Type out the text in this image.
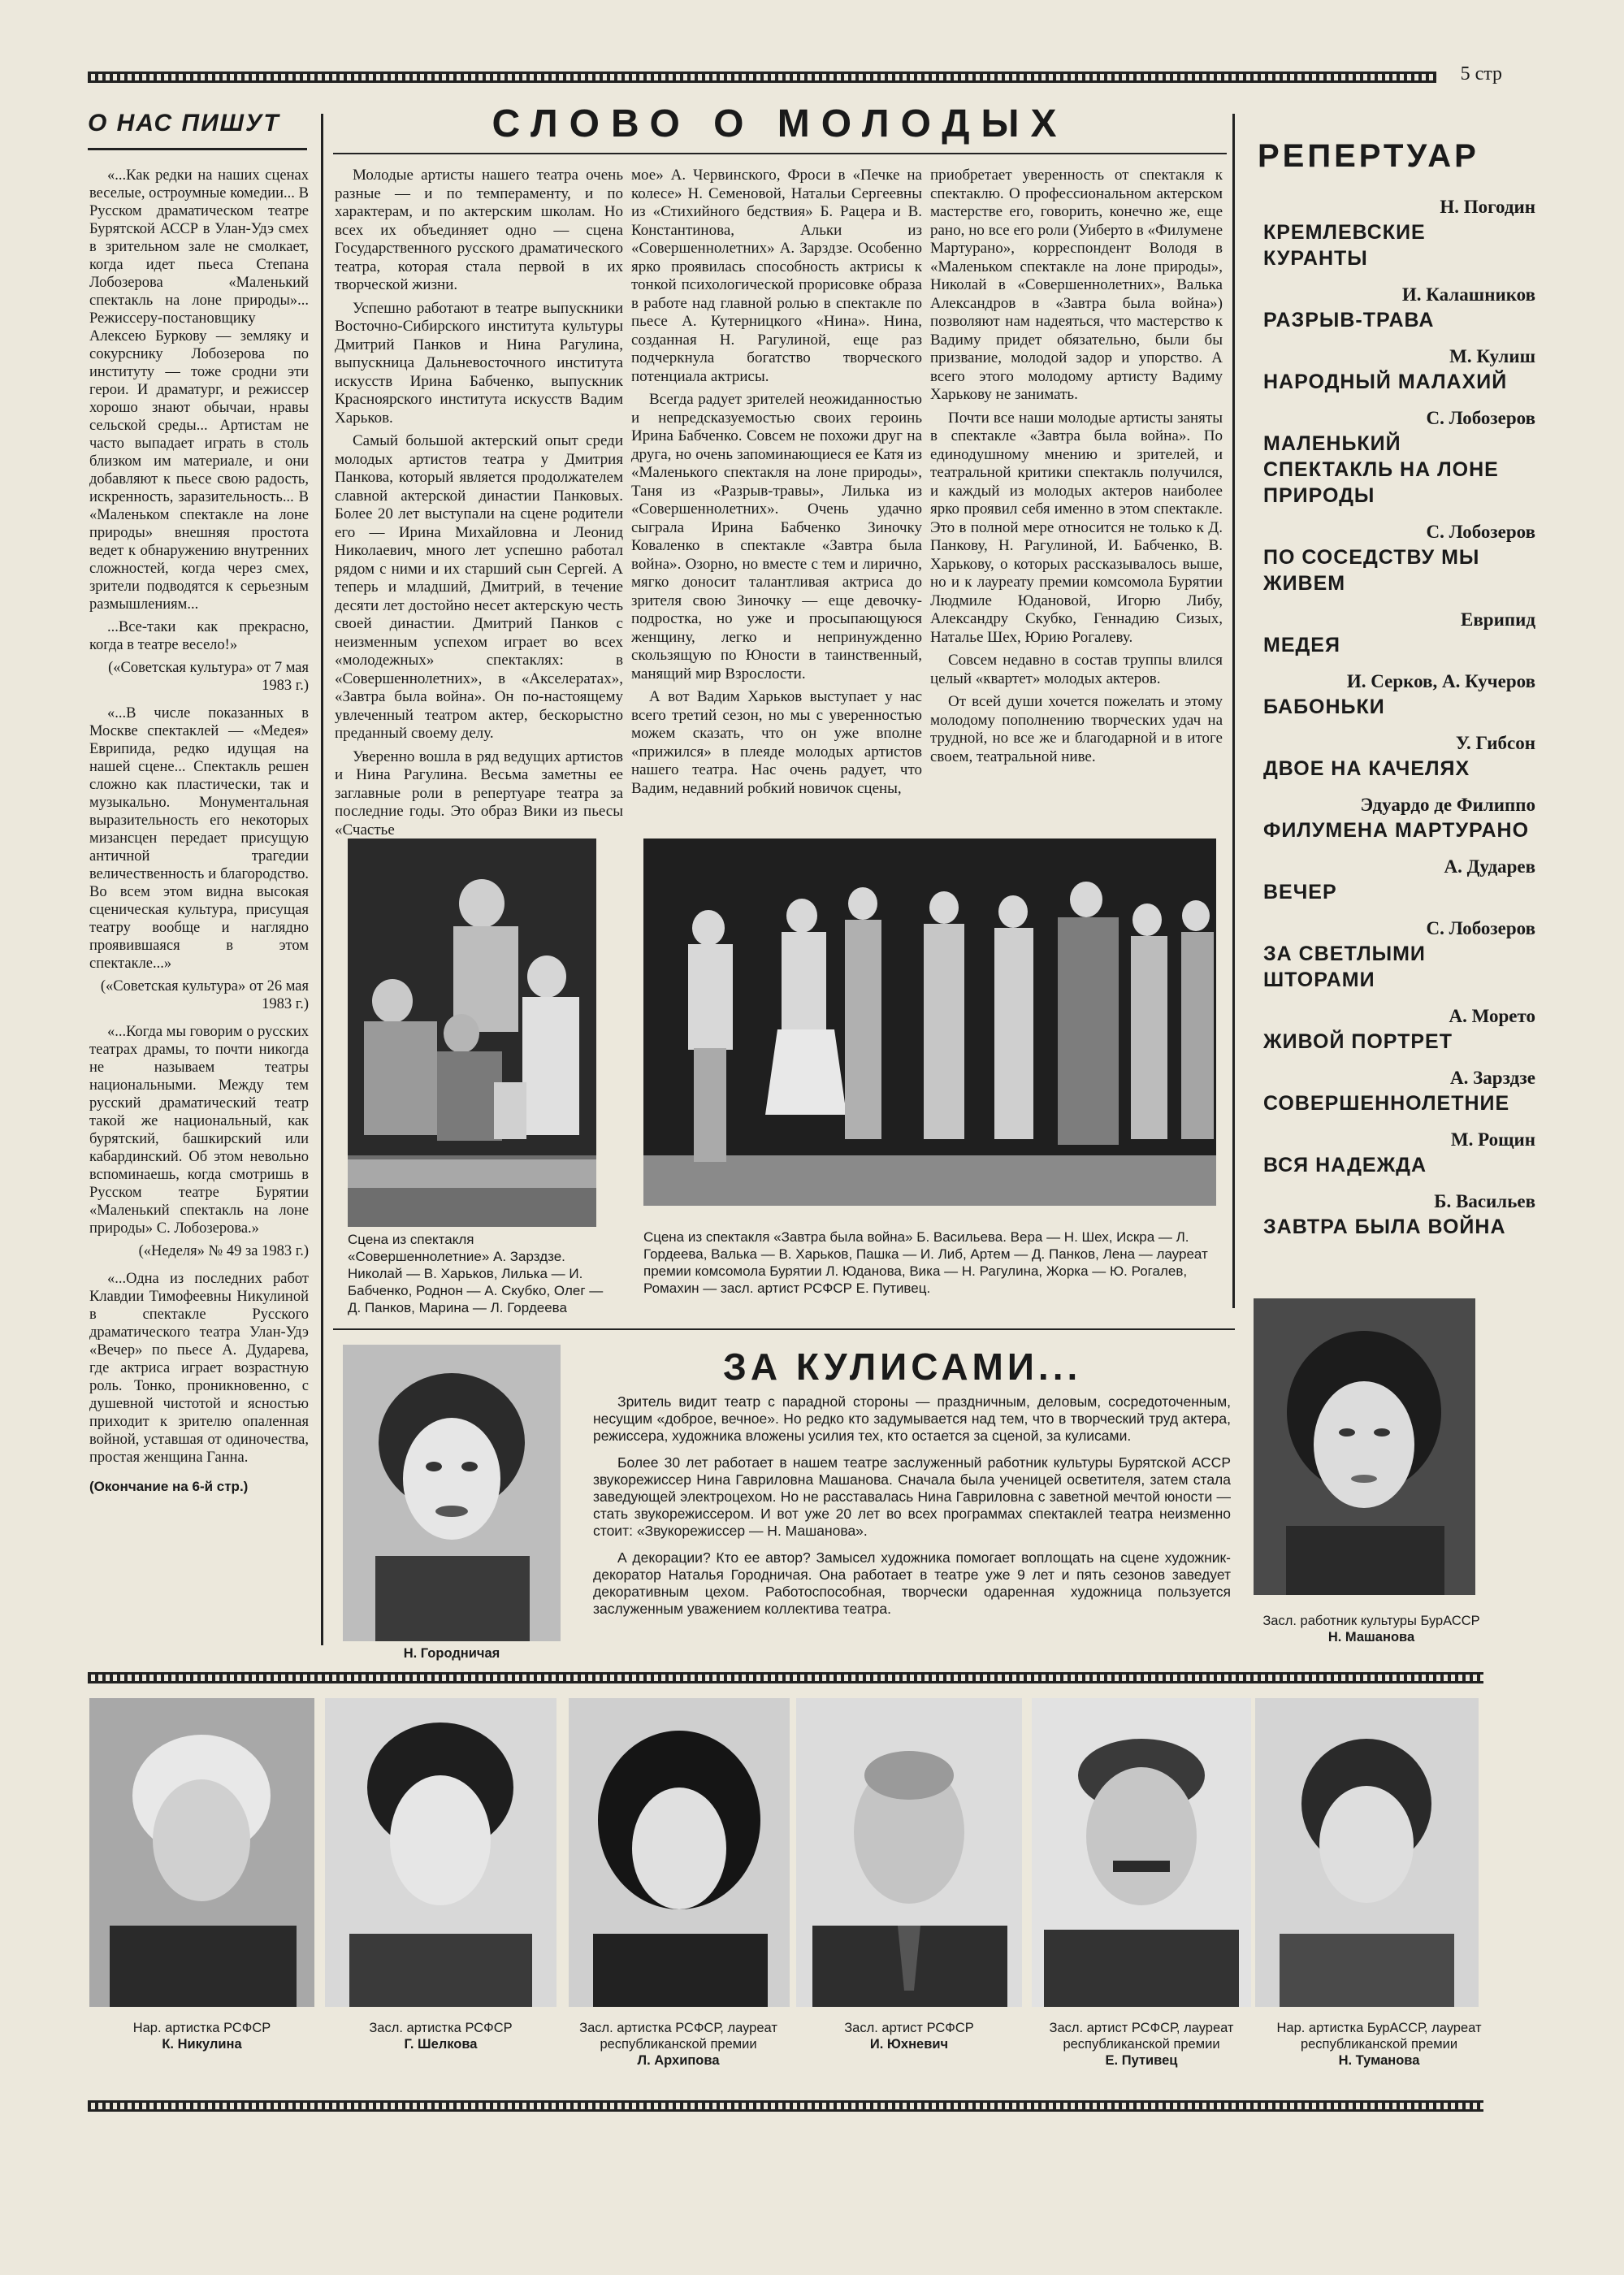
5 стр
О НАС ПИШУТ

«...Как редки на наших сценах веселые, остроумные комедии... В Русском драматическом театре Бурятской АССР в Улан-Удэ смех в зрительном зале не смолкает, когда идет пьеса Степана Лобозерова «Маленький спектакль на лоне природы»... Режиссеру-постановщику Алексею Буркову — земляку и сокурснику Лобозерова по институту — тоже сродни эти герои. И драматург, и режиссер хорошо знают обычаи, нравы сельской среды... Артистам не часто выпадает играть в столь близком им материале, и они добавляют к пьесе свою радость, искренность, заразительность... В «Маленьком спектакле на лоне природы» внешняя простота ведет к обнаружению внутренних сложностей, когда через смех, зрители подводятся к серьезным размышлениям...

...Все-таки как прекрасно, когда в театре весело!»

(«Советская культура» от 7 мая 1983 г.)

«...В числе показанных в Москве спектаклей — «Медея» Еврипида, редко идущая на нашей сцене... Спектакль решен сложно как пластически, так и музыкально. Монументальная выразительность его некоторых мизансцен передает присущую античной трагедии величественность и благородство. Во всем этом видна высокая сценическая культура, присущая театру вообще и наглядно проявившаяся в этом спектакле...»

(«Советская культура» от 26 мая 1983 г.)

«...Когда мы говорим о русских театрах драмы, то почти никогда не называем театры национальными. Между тем русский драматический театр такой же национальный, как бурятский, башкирский или кабардинский. Об этом невольно вспоминаешь, когда смотришь в Русском театре Бурятии «Маленький спектакль на лоне природы» С. Лобозерова.»

(«Неделя» № 49 за 1983 г.)

«...Одна из последних работ Клавдии Тимофеевны Никулиной в спектакле Русского драматического театра Улан-Удэ «Вечер» по пьесе А. Дударева, где актриса играет возрастную роль. Тонко, проникновенно, с душевной чистотой и ясностью приходит к зрителю опаленная войной, уставшая от одиночества, простая женщина Ганна.

(Окончание на 6-й стр.)

СЛОВО О МОЛОДЫХ

Молодые артисты нашего театра очень разные — и по темпераменту, и по характерам, и по актерским школам. Но всех их объединяет одно — сцена Государственного русского драматического театра, которая стала первой в их творческой жизни.

Успешно работают в театре выпускники Восточно-Сибирского института культуры Дмитрий Панков и Нина Рагулина, выпускница Дальневосточного института искусств Ирина Бабченко, выпускник Красноярского института искусств Вадим Харьков.

Самый большой актерский опыт среди молодых артистов театра у Дмитрия Панкова, который является продолжателем славной актерской династии Панковых. Более 20 лет выступали на сцене родители его — Ирина Михайловна и Леонид Николаевич, много лет успешно работал рядом с ними и их старший сын Сергей. А теперь и младший, Дмитрий, в течение десяти лет достойно несет актерскую честь своей династии. Дмитрий Панков с неизменным успехом играет во всех «молодежных» спектаклях: в «Совершеннолетних», в «Акселератах», «Завтра была война». Он по-настоящему увлеченный театром актер, бескорыстно преданный своему делу.

Уверенно вошла в ряд ведущих артистов и Нина Рагулина. Весьма заметны ее заглавные роли в репертуаре театра за последние годы. Это образ Вики из пьесы «Счастье

мое» А. Червинского, Фроси в «Печке на колесе» Н. Семеновой, Натальи Сергеевны из «Стихийного бедствия» Б. Рацера и В. Константинова, Альки из «Совершеннолетних» А. Зарздзе. Особенно ярко проявилась способность актрисы к тонкой психологической прорисовке образа в работе над главной ролью в спектакле по пьесе А. Кутерницкого «Нина». Нина, созданная Н. Рагулиной, еще раз подчеркнула богатство творческого потенциала актрисы.

Всегда радует зрителей неожиданностью и непредсказуемостью своих героинь Ирина Бабченко. Совсем не похожи друг на друга, но очень запоминающиеся ее Катя из «Маленького спектакля на лоне природы», Таня из «Разрыв-травы», Лилька из «Совершеннолетних». Очень удачно сыграла Ирина Бабченко Зиночку Коваленко в спектакле «Завтра была война». Озорно, но вместе с тем и лирично, мягко доносит талантливая актриса до зрителя свою Зиночку — еще девочку-подростка, но уже и просыпающуюся женщину, легко и непринужденно скользящую по Юности в таинственный, манящий мир Взрослости.

А вот Вадим Харьков выступает у нас всего третий сезон, но мы с уверенностью можем сказать, что он уже вполне «прижился» в плеяде молодых артистов нашего театра. Нас очень радует, что Вадим, недавний робкий новичок сцены,

приобретает уверенность от спектакля к спектаклю. О профессиональном актерском мастерстве его, говорить, конечно же, еще рано, но все его роли (Уиберто в «Филумене Мартурано», корреспондент Володя в «Маленьком спектакле на лоне природы», Николай в «Совершеннолетних», Валька Александров в «Завтра была война») позволяют нам надеяться, что мастерство к Вадиму придет обязательно, были бы призвание, молодой задор и упорство. А всего этого молодому артисту Вадиму Харькову не занимать.

Почти все наши молодые артисты заняты в спектакле «Завтра была война». По единодушному мнению и зрителей, и театральной критики спектакль получился, и каждый из молодых актеров наиболее ярко проявил себя именно в этом спектакле. Это в полной мере относится не только к Д. Панкову, Н. Рагулиной, И. Бабченко, В. Харькову, о которых рассказывалось выше, но и к лауреату премии комсомола Бурятии Людмиле Юдановой, Игорю Либу, Александру Скубко, Геннадию Сизых, Наталье Шех, Юрию Рогалеву.

Совсем недавно в состав труппы влился целый «квартет» молодых актеров.

От всей души хочется пожелать и этому молодому пополнению творческих удач на трудной, но все же и благодарной и в итоге своем, театральной ниве.

Сцена из спектакля «Совершеннолетние» А. Зарздзе. Николай — В. Харьков, Лилька — И. Бабченко, Роднон — А. Скубко, Олег — Д. Панков, Марина — Л. Гордеева
Сцена из спектакля «Завтра была война» Б. Васильева. Вера — Н. Шех, Искра — Л. Гордеева, Валька — В. Харьков, Пашка — И. Либ, Артем — Д. Панков, Лена — лауреат премии комсомола Бурятии Л. Юданова, Вика — Н. Рагулина, Жорка — Ю. Рогалев, Ромахин — засл. артист РСФСР Е. Путивец.
РЕПЕРТУАР
Н. Погодин
КРЕМЛЕВСКИЕ КУРАНТЫ
И. Калашников
РАЗРЫВ-ТРАВА
М. Кулиш
НАРОДНЫЙ МАЛАХИЙ
С. Лобозеров
МАЛЕНЬКИЙ СПЕКТАКЛЬ НА ЛОНЕ ПРИРОДЫ
С. Лобозеров
ПО СОСЕДСТВУ МЫ ЖИВЕМ
Еврипид
МЕДЕЯ
И. Серков, А. Кучеров
БАБОНЬКИ
У. Гибсон
ДВОЕ НА КАЧЕЛЯХ
Эдуардо де Филиппо
ФИЛУМЕНА МАРТУРАНО
А. Дударев
ВЕЧЕР
С. Лобозеров
ЗА СВЕТЛЫМИ ШТОРАМИ
А. Морето
ЖИВОЙ ПОРТРЕТ
А. Зарздзе
СОВЕРШЕННОЛЕТНИЕ
М. Рощин
ВСЯ НАДЕЖДА
Б. Васильев
ЗАВТРА БЫЛА ВОЙНА
Н. Городничая
ЗА КУЛИСАМИ...

Зритель видит театр с парадной стороны — праздничным, деловым, сосредоточенным, несущим «доброе, вечное». Но редко кто задумывается над тем, что в творческий труд актера, режиссера, художника вложены усилия тех, кто остается за сценой, за кулисами.

Более 30 лет работает в нашем театре заслуженный работник культуры Бурятской АССР звукорежиссер Нина Гавриловна Машанова. Сначала была ученицей осветителя, затем стала заведующей электроцехом. Но не расставалась Нина Гавриловна с заветной мечтой юности — стать звукорежиссером. И вот уже 20 лет во всех программах спектаклей театра неизменно стоит: «Звукорежиссер — Н. Машанова».

А декорации? Кто ее автор? Замысел художника помогает воплощать на сцене художник-декоратор Наталья Городничая. Она работает в театре уже 9 лет и пять сезонов заведует декоративным цехом. Работоспособная, творчески одаренная художница пользуется заслуженным уважением коллектива театра.

Засл. работник культуры БурАССР
Н. Машанова
Нар. артистка РСФСР
К. Никулина
Засл. артистка РСФСР
Г. Шелкова
Засл. артистка РСФСР, лауреат республиканской премии
Л. Архипова
Засл. артист РСФСР
И. Юхневич
Засл. артист РСФСР, лауреат республиканской премии
Е. Путивец
Нар. артистка БурАССР, лауреат республиканской премии
Н. Туманова
